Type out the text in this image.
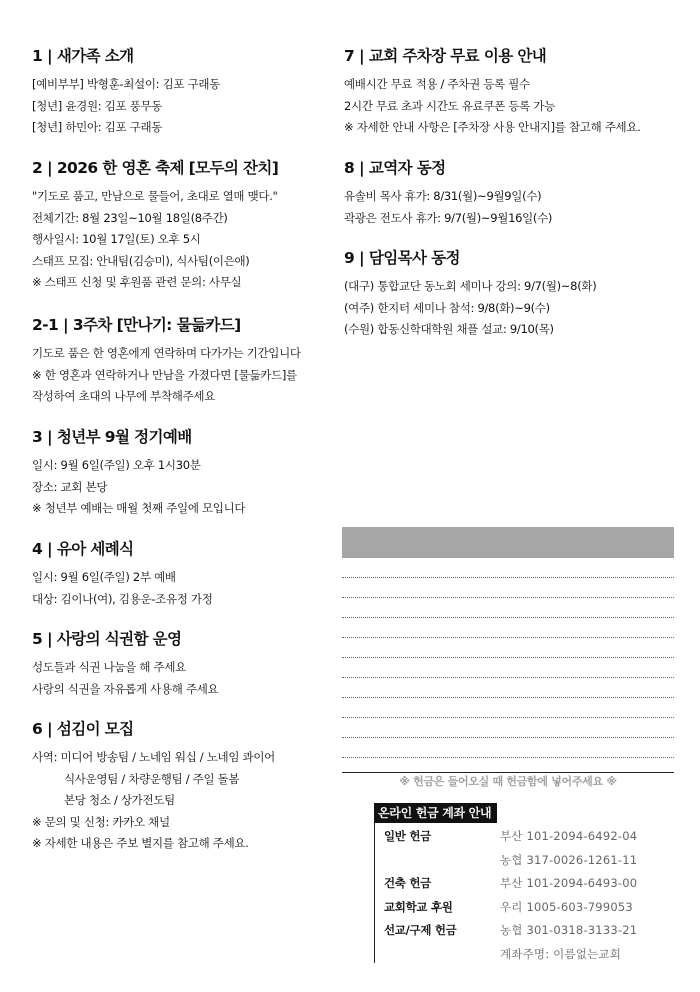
1 | 새가족 소개
[예비부부] 박형훈-최설이: 김포 구래동
[청년] 윤경원: 김포 풍무동
[청년] 하민아: 김포 구래동
2 | 2026 한 영혼 축제 [모두의 잔치]
"기도로 품고, 만남으로 물들어, 초대로 열매 맺다."
전체기간: 8월 23일~10월 18일(8주간)
행사일시: 10월 17일(토) 오후 5시
스태프 모집: 안내팀(김승미), 식사팀(이은애)
※ 스태프 신청 및 후원품 관련 문의: 사무실
2-1 | 3주차 [만나기: 물듦카드]
기도로 품은 한 영혼에게 연락하며 다가가는 기간입니다
※ 한 영혼과 연락하거나 만남을 가졌다면 [물듦카드]를
작성하여 초대의 나무에 부착해주세요
3 | 청년부 9월 정기예배
일시: 9월 6일(주일) 오후 1시30분
장소: 교회 본당
※ 청년부 예배는 매월 첫째 주일에 모입니다
4 | 유아 세례식
일시: 9월 6일(주일) 2부 예배
대상: 김이나(여), 김용운-조유정 가정
5 | 사랑의 식권함 운영
성도들과 식권 나눔을 해 주세요
사랑의 식권을 자유롭게 사용해 주세요
6 | 섬김이 모집
사역: 미디어 방송팀 / 노네임 워십 / 노네임 콰이어
식사운영팀 / 차량운행팀 / 주일 돌봄
본당 청소 / 상가전도팀
※ 문의 및 신청: 카카오 채널
※ 자세한 내용은 주보 별지를 참고해 주세요.
7 | 교회 주차장 무료 이용 안내
예배시간 무료 적용 / 주차권 등록 필수
2시간 무료 초과 시간도 유료쿠폰 등록 가능
※ 자세한 안내 사항은 [주차장 사용 안내지]를 참고해 주세요.
8 | 교역자 동정
유솔비 목사 휴가: 8/31(월)~9월9일(수)
곽광은 전도사 휴가: 9/7(월)~9월16일(수)
9 | 담임목사 동정
(대구) 통합교단 동노회 세미나 강의: 9/7(월)~8(화)
(여주) 한지터 세미나 참석: 9/8(화)~9(수)
(수원) 합동신학대학원 채플 설교: 9/10(목)
※ 헌금은 들어오실 때 헌금함에 넣어주세요 ※
온라인 헌금 계좌 안내
일반 헌금	부산 101-2094-6492-04
농협 317-0026-1261-11
건축 헌금	부산 101-2094-6493-00
교회학교 후원	우리 1005-603-799053
선교/구제 헌금	농협 301-0318-3133-21
계좌주명: 이름없는교회
